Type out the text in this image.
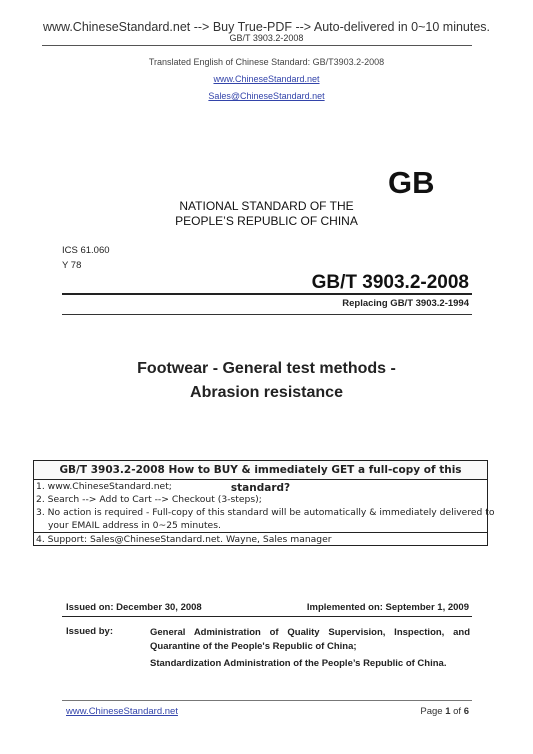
www.ChineseStandard.net --> Buy True-PDF --> Auto-delivered in 0~10 minutes.
GB/T 3903.2-2008
Translated English of Chinese Standard: GB/T3903.2-2008
www.ChineseStandard.net
Sales@ChineseStandard.net
GB
NATIONAL STANDARD OF THE
PEOPLE’S REPUBLIC OF CHINA
ICS 61.060
Y 78
GB/T 3903.2-2008
Replacing GB/T 3903.2-1994
Footwear - General test methods -
Abrasion resistance
GB/T 3903.2-2008 How to BUY & immediately GET a full-copy of this standard?
1. www.ChineseStandard.net;
2. Search --> Add to Cart --> Checkout (3-steps);
3. No action is required - Full-copy of this standard will be automatically & immediately delivered to
your EMAIL address in 0~25 minutes.
4. Support: Sales@ChineseStandard.net. Wayne, Sales manager
Issued on: December 30, 2008	Implemented on: September 1, 2009
Issued by:	General Administration of Quality Supervision, Inspection, and
Quarantine of the People's Republic of China;
Standardization Administration of the People’s Republic of China.
www.ChineseStandard.net	Page 1 of 6
